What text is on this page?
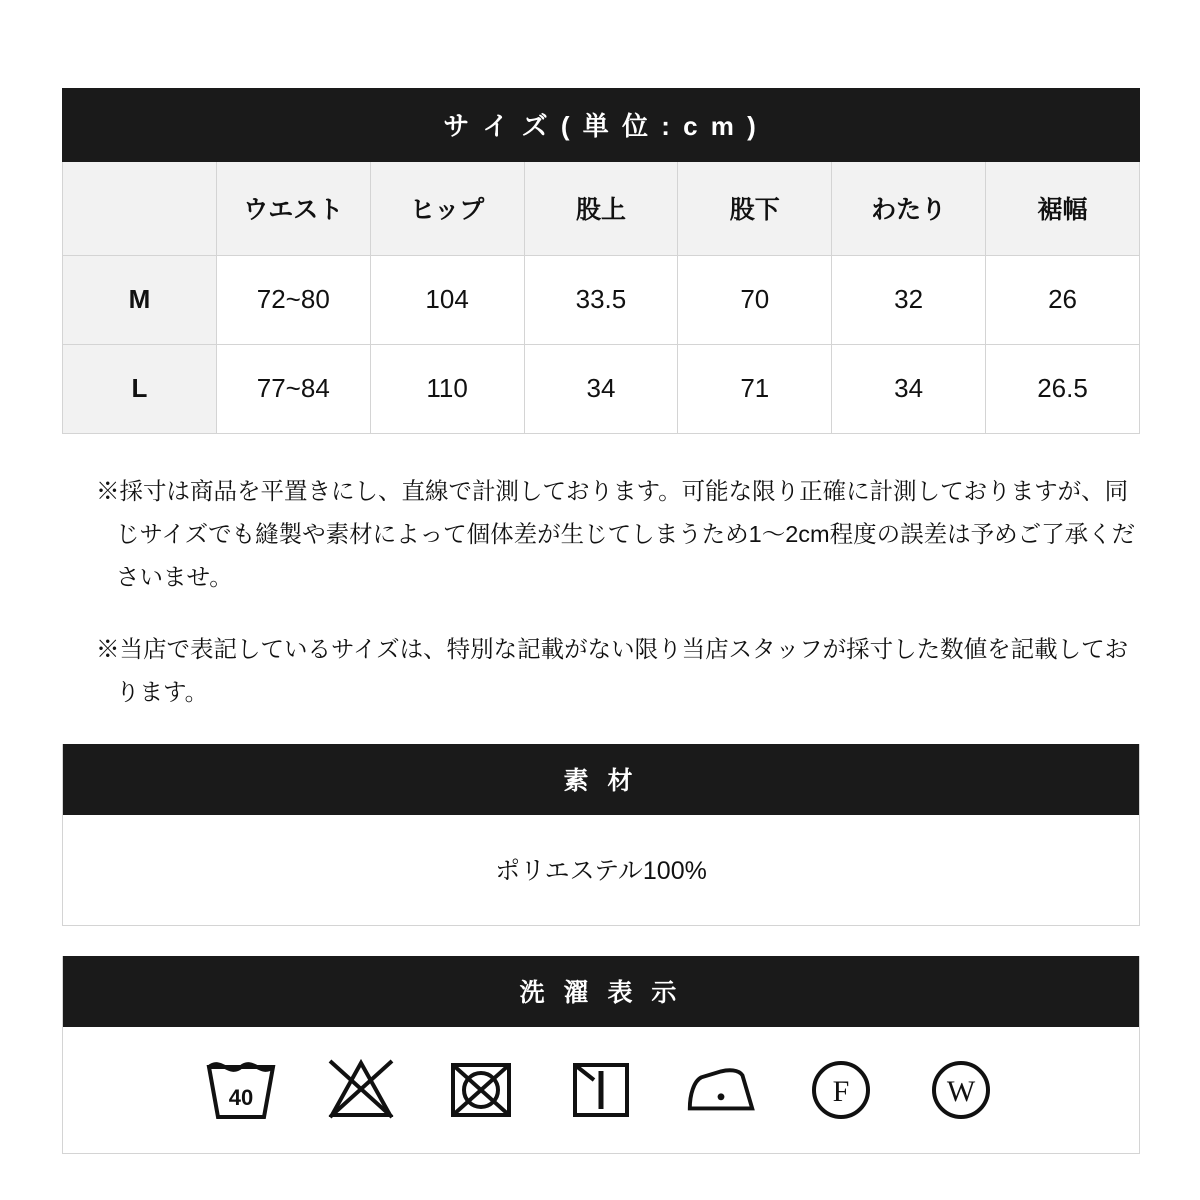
サ イ ズ ( 単 位 : c m )						
	ウエスト	ヒップ	股上	股下	わたり	裾幅
M	72~80	104	33.5	70	32	26
L	77~84	110	34	71	34	26.5

※採寸は商品を平置きにし、直線で計測しております。可能な限り正確に計測しておりますが、同じサイズでも縫製や素材によって個体差が生じてしまうため1〜2cm程度の誤差は予めご了承くださいませ。

※当店で表記しているサイズは、特別な記載がない限り当店スタッフが採寸した数値を記載しております。

素 材
ポリエステル100%
洗 濯 表 示
40	F	W
